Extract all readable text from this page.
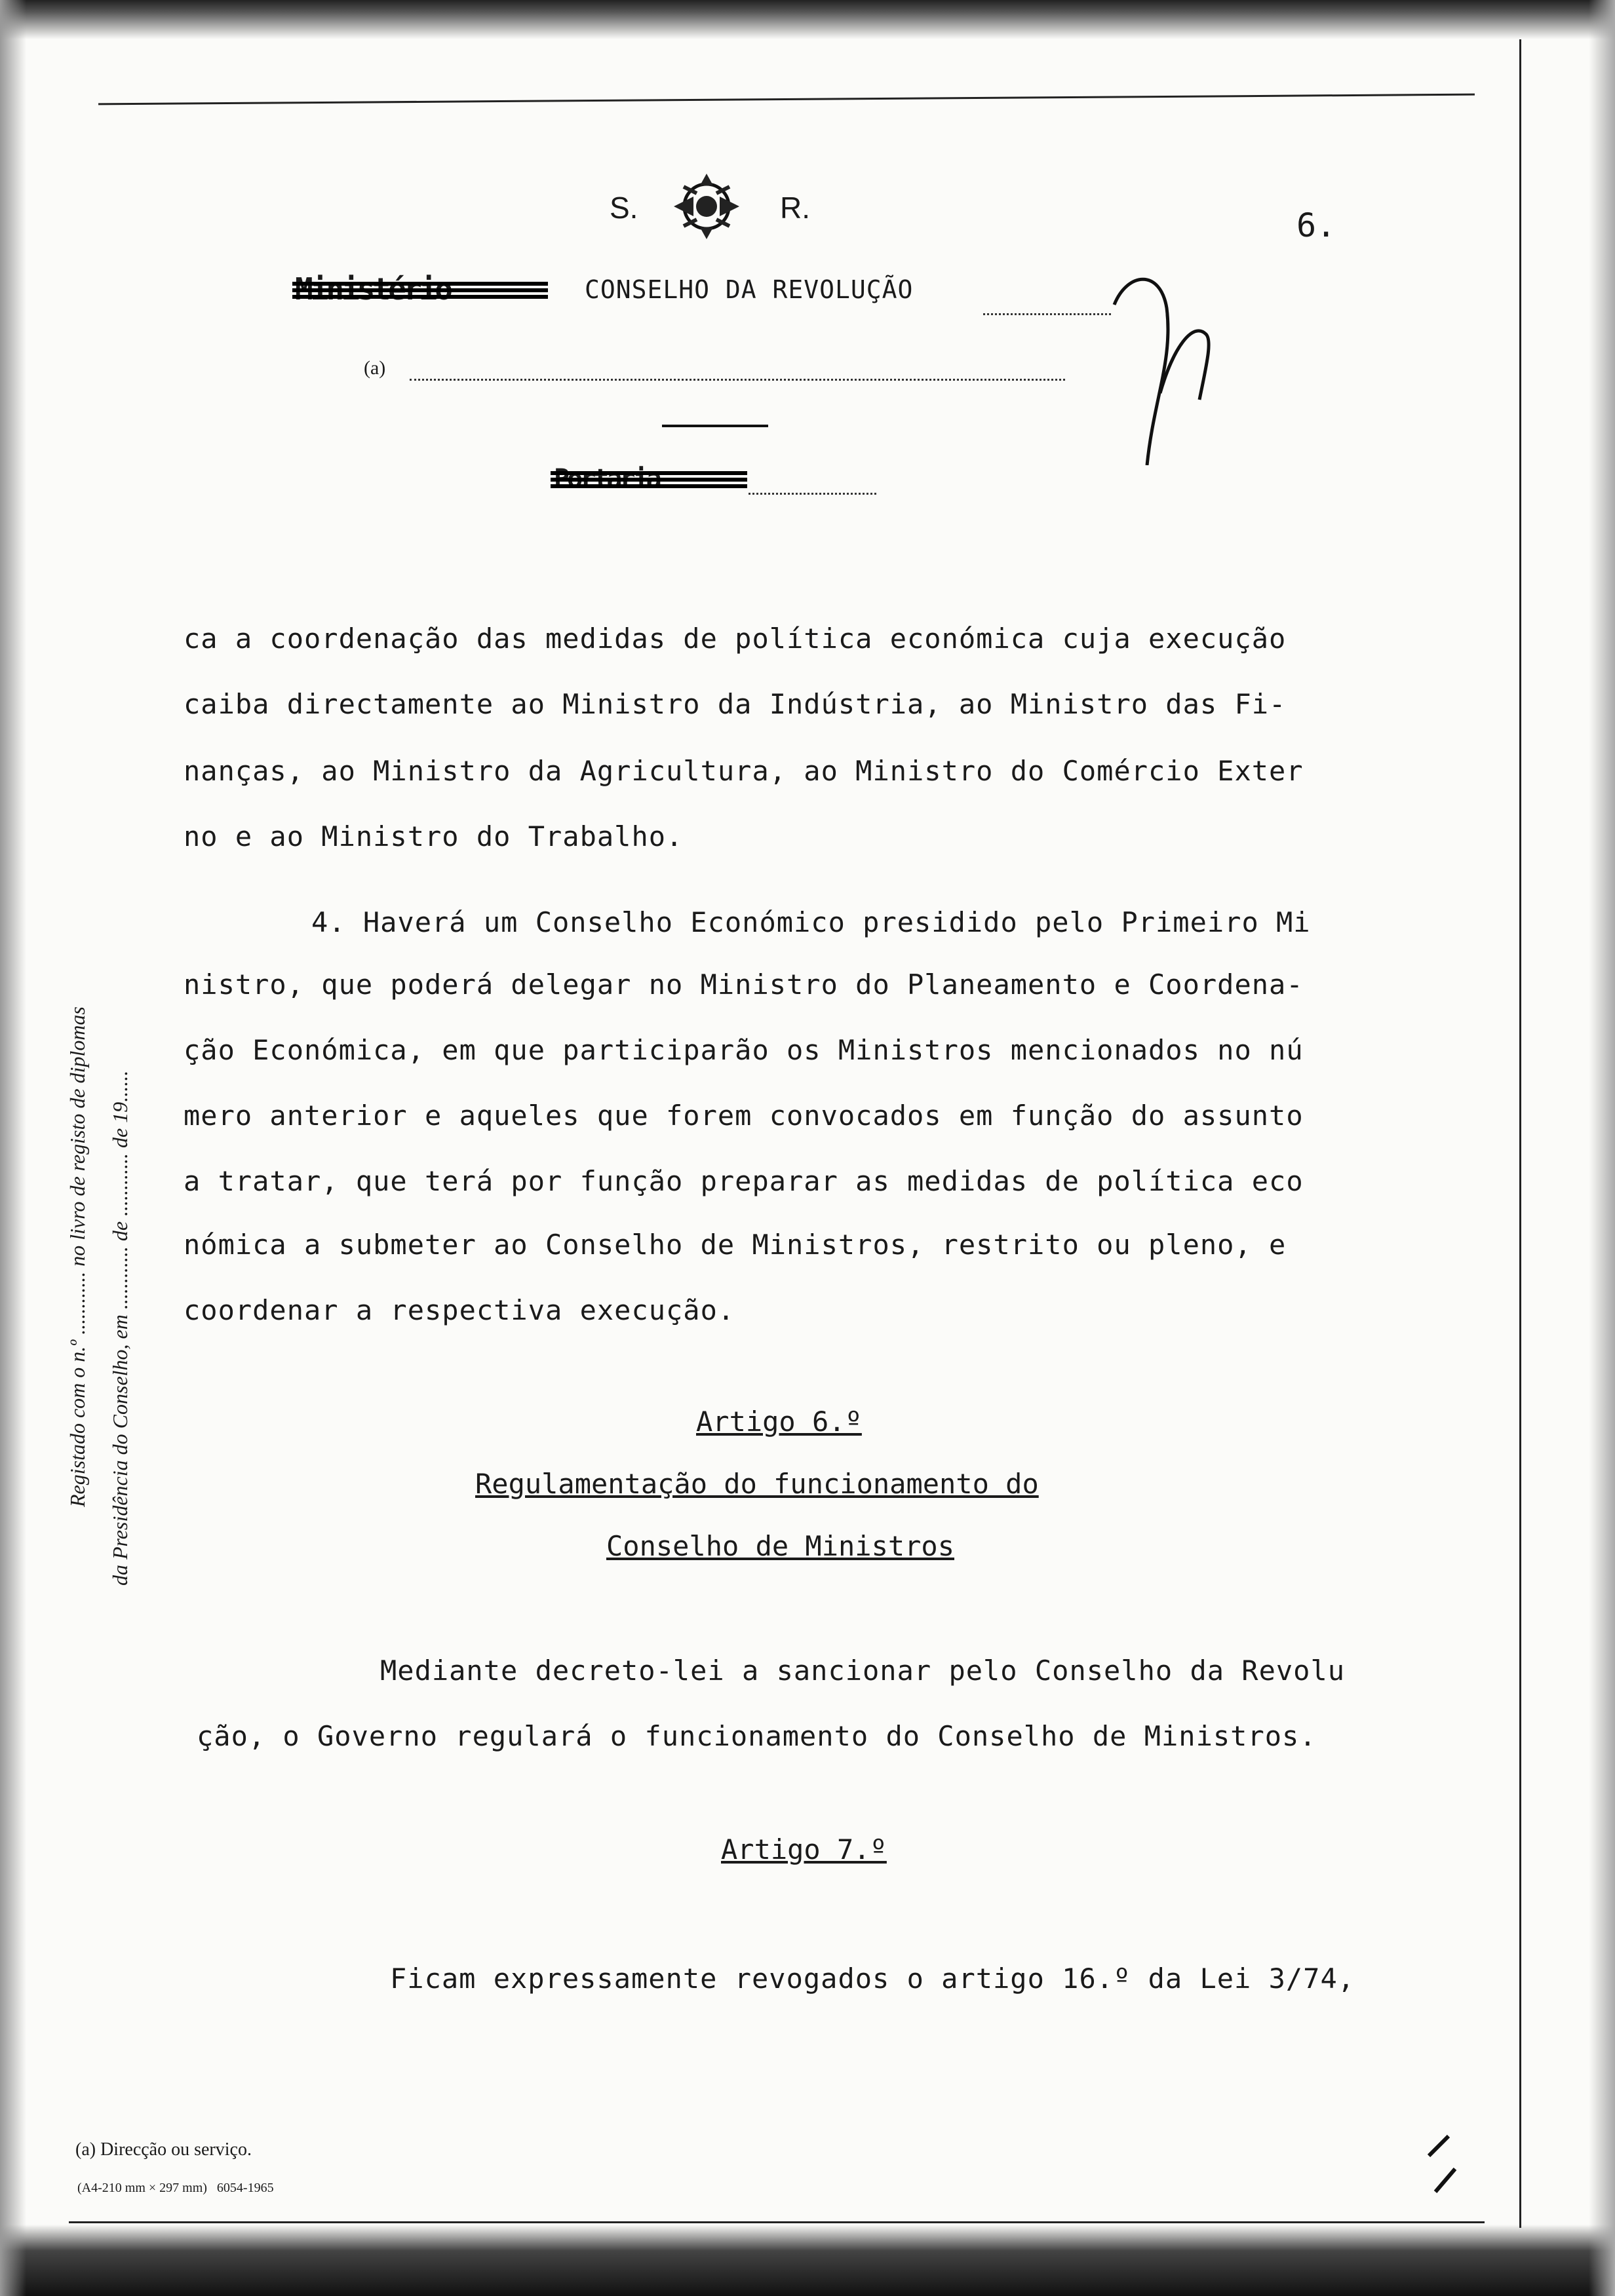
S.	R.	6.
CONSELHO DA REVOLUÇÃO
(a)
Registado com o n.º ............ no livro de registo de diplomas da Presidência do Conselho, em ............ de ............ de 19......
ca a coordenação das medidas de política económica cuja execução
caiba directamente ao Ministro da Indústria, ao Ministro das Fi-
nanças, ao Ministro da Agricultura, ao Ministro do Comércio Exter
no e ao Ministro do Trabalho.
4. Haverá um Conselho Económico presidido pelo Primeiro Mi
nistro, que poderá delegar no Ministro do Planeamento e Coordena-
ção Económica, em que participarão os Ministros mencionados no nú
mero anterior e aqueles que forem convocados em função do assunto
a tratar, que terá por função preparar as medidas de política eco
nómica a submeter ao Conselho de Ministros, restrito ou pleno, e
coordenar a respectiva execução.
Artigo 6.º
Regulamentação do funcionamento do
Conselho de Ministros
Mediante decreto-lei a sancionar pelo Conselho da Revolu
ção, o Governo regulará o funcionamento do Conselho de Ministros.
Artigo 7.º
Ficam expressamente revogados o artigo 16.º da Lei 3/74,
(a) Direcção ou serviço.
(A4-210 mm × 297 mm)   6054-1965
